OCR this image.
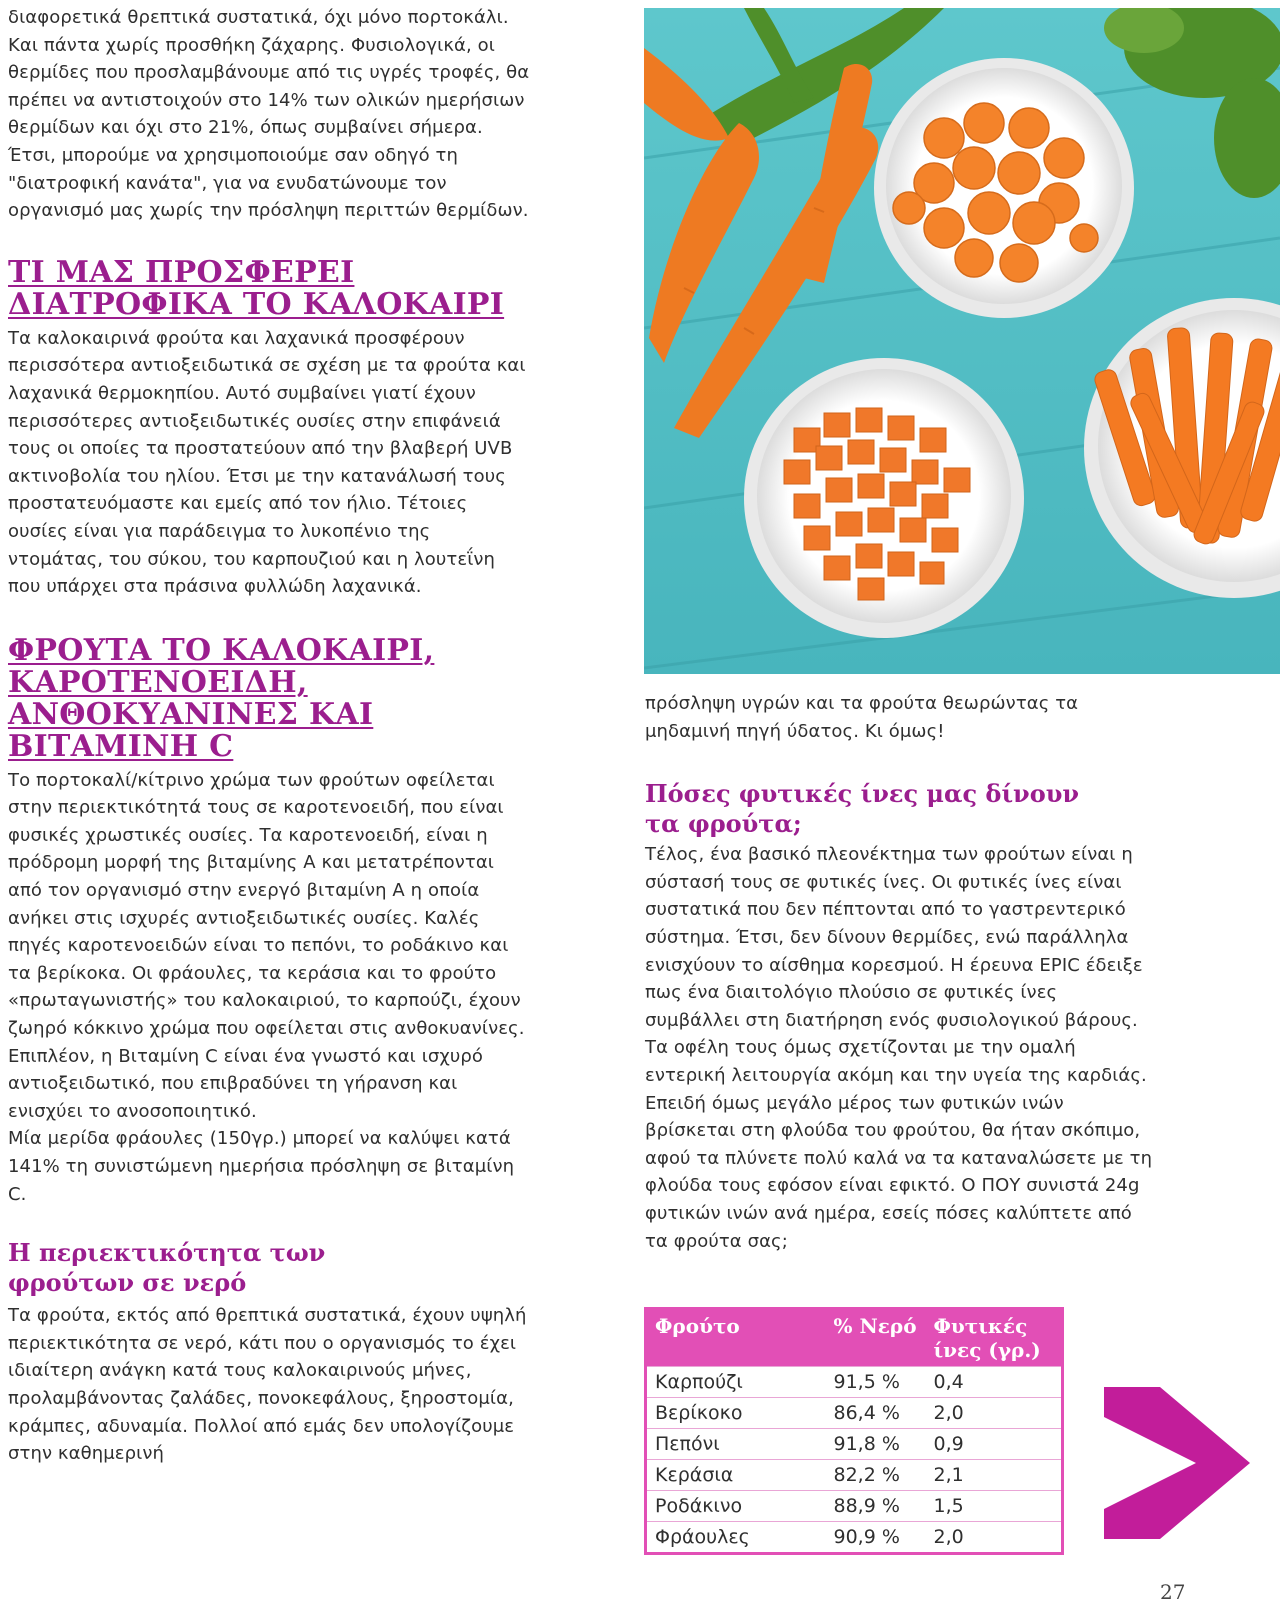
διαφορετικά θρεπτικά συστατικά, όχι μόνο πορτοκάλι. Και πάντα χωρίς προσθήκη ζάχαρης. Φυσιολογικά, οι θερμίδες που προσλαμβάνουμε από τις υγρές τροφές, θα πρέπει να αντιστοιχούν στο 14% των ολικών ημερήσιων θερμίδων και όχι στο 21%, όπως συμβαίνει σήμερα. Έτσι, μπορούμε να χρησιμοποιούμε σαν οδηγό τη "διατροφική κανάτα", για να ενυδατώνουμε τον οργανισμό μας χωρίς την πρόσληψη περιττών θερμίδων.

ΤΙ ΜΑΣ ΠΡΟΣΦΕΡΕΙ ΔΙΑΤΡΟΦΙΚΑ ΤΟ ΚΑΛΟΚΑΙΡΙ

Τα καλοκαιρινά φρούτα και λαχανικά προσφέρουν περισσότερα αντιοξειδωτικά σε σχέση με τα φρούτα και λαχανικά θερμοκηπίου. Αυτό συμβαίνει γιατί έχουν περισσότερες αντιοξειδωτικές ουσίες στην επιφάνειά τους οι οποίες τα προστατεύουν από την βλαβερή UVB ακτινοβολία του ηλίου. Έτσι με την κατανάλωσή τους προστατευόμαστε και εμείς από τον ήλιο. Τέτοιες ουσίες είναι για παράδειγμα το λυκοπένιο της ντομάτας, του σύκου, του καρπουζιού και η λουτεΐνη που υπάρχει στα πράσινα φυλλώδη λαχανικά.

ΦΡΟΥΤΑ ΤΟ ΚΑΛΟΚΑΙΡΙ, ΚΑΡΟΤΕΝΟΕΙΔΗ, ΑΝΘΟΚΥΑΝΙΝΕΣ ΚΑΙ ΒΙΤΑΜΙΝΗ C

Το πορτοκαλί/κίτρινο χρώμα των φρούτων οφείλεται στην περιεκτικότητά τους σε καροτενοειδή, που είναι φυσικές χρωστικές ουσίες. Τα καροτενοειδή, είναι η πρόδρομη μορφή της βιταμίνης Α και μετατρέπονται από τον οργανισμό στην ενεργό βιταμίνη Α η οποία ανήκει στις ισχυρές αντιοξειδωτικές ουσίες. Καλές πηγές καροτενοειδών είναι το πεπόνι, το ροδάκινο και τα βερίκοκα. Οι φράουλες, τα κεράσια και το φρούτο «πρωταγωνιστής» του καλοκαιριού, το καρπούζι, έχουν ζωηρό κόκκινο χρώμα που οφείλεται στις ανθοκυανίνες.

Επιπλέον, η Βιταμίνη C είναι ένα γνωστό και ισχυρό αντιοξειδωτικό, που επιβραδύνει τη γήρανση και ενισχύει το ανοσοποιητικό.

Μία μερίδα φράουλες (150γρ.) μπορεί να καλύψει κατά 141% τη συνιστώμενη ημερήσια πρόσληψη σε βιταμίνη C.

Η περιεκτικότητα των φρούτων σε νερό

Τα φρούτα, εκτός από θρεπτικά συστατικά, έχουν υψηλή περιεκτικότητα σε νερό, κάτι που ο οργανισμός το έχει ιδιαίτερη ανάγκη κατά τους καλοκαιρινούς μήνες, προλαμβάνοντας ζαλάδες, πονοκεφάλους, ξηροστομία, κράμπες, αδυναμία. Πολλοί από εμάς δεν υπολογίζουμε στην καθημερινή

πρόσληψη υγρών και τα φρούτα θεωρώντας τα μηδαμινή πηγή ύδατος. Κι όμως!

Πόσες φυτικές ίνες μας δίνουν τα φρούτα;

Τέλος, ένα βασικό πλεονέκτημα των φρούτων είναι η σύστασή τους σε φυτικές ίνες. Οι φυτικές ίνες είναι συστατικά που δεν πέπτονται από το γαστρεντερικό σύστημα. Έτσι, δεν δίνουν θερμίδες, ενώ παράλληλα ενισχύουν το αίσθημα κορεσμού. Η έρευνα EPIC έδειξε πως ένα διαιτολόγιο πλούσιο σε φυτικές ίνες συμβάλλει στη διατήρηση ενός φυσιολογικού βάρους.

Τα οφέλη τους όμως σχετίζονται με την ομαλή εντερική λειτουργία ακόμη και την υγεία της καρδιάς. Επειδή όμως μεγάλο μέρος των φυτικών ινών βρίσκεται στη φλούδα του φρούτου, θα ήταν σκόπιμο, αφού τα πλύνετε πολύ καλά να τα καταναλώσετε με τη φλούδα τους εφόσον είναι εφικτό. Ο ΠΟΥ συνιστά 24g φυτικών ινών ανά ημέρα, εσείς πόσες καλύπτετε από τα φρούτα σας;

Φρούτο	% Νερό	Φυτικές ίνες (γρ.)
Καρπούζι	91,5 %	0,4
Βερίκοκο	86,4 %	2,0
Πεπόνι	91,8 %	0,9
Κεράσια	82,2 %	2,1
Ροδάκινο	88,9 %	1,5
Φράουλες	90,9 %	2,0
27
